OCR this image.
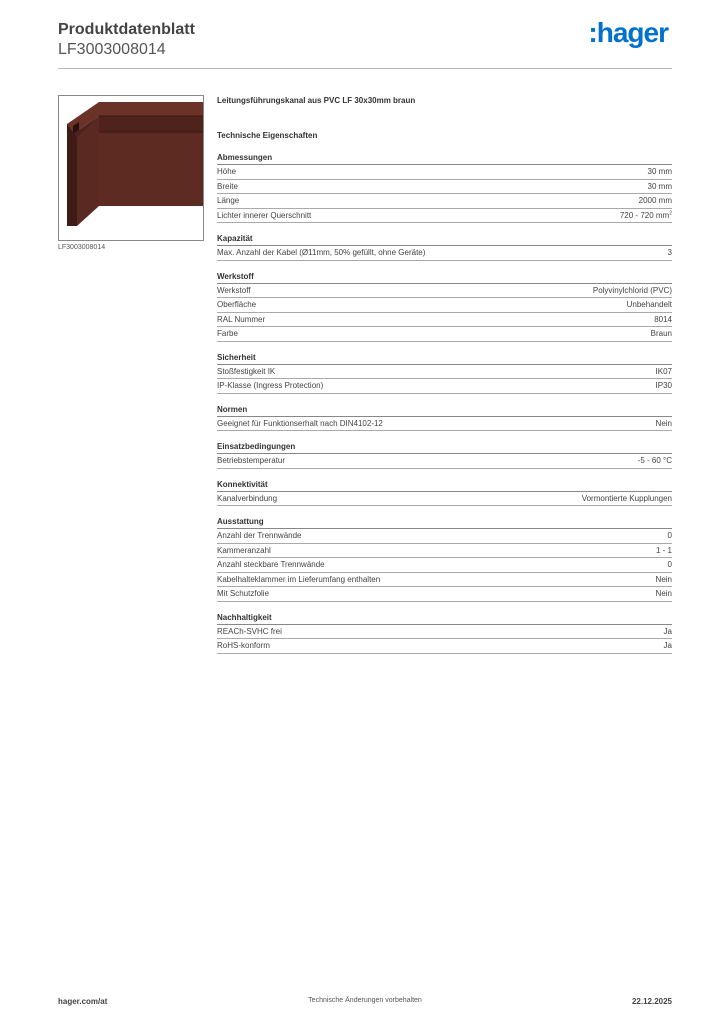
Produktdatenblatt
LF3003008014
:hager
LF3003008014
Leitungsführungskanal aus PVC LF 30x30mm braun
Technische Eigenschaften
Abmessungen
Höhe	30 mm
Breite	30 mm
Länge	2000 mm
Lichter innerer Querschnitt	720 - 720 $mm^2$
Kapazität
Max. Anzahl der Kabel (Ø11mm, 50% gefüllt, ohne Geräte)	3
Werkstoff
Werkstoff	Polyvinylchlorid (PVC)
Oberfläche	Unbehandelt
RAL Nummer	8014
Farbe	Braun
Sicherheit
Stoßfestigkeit IK	IK07
IP-Klasse (Ingress Protection)	IP30
Normen
Geeignet für Funktionserhalt nach DIN4102-12	Nein
Einsatzbedingungen
Betriebstemperatur	-5 - 60 °C
Konnektivität
Kanalverbindung	Vormontierte Kupplungen
Ausstattung
Anzahl der Trennwände	0
Kammeranzahl	1 - 1
Anzahl steckbare Trennwände	0
Kabelhalteklammer im Lieferumfang enthalten	Nein
Mit Schutzfolie	Nein
Nachhaltigkeit
REACh-SVHC frei	Ja
RoHS-konform	Ja
hager.com/at	Technische Änderungen vorbehalten	22.12.2025
